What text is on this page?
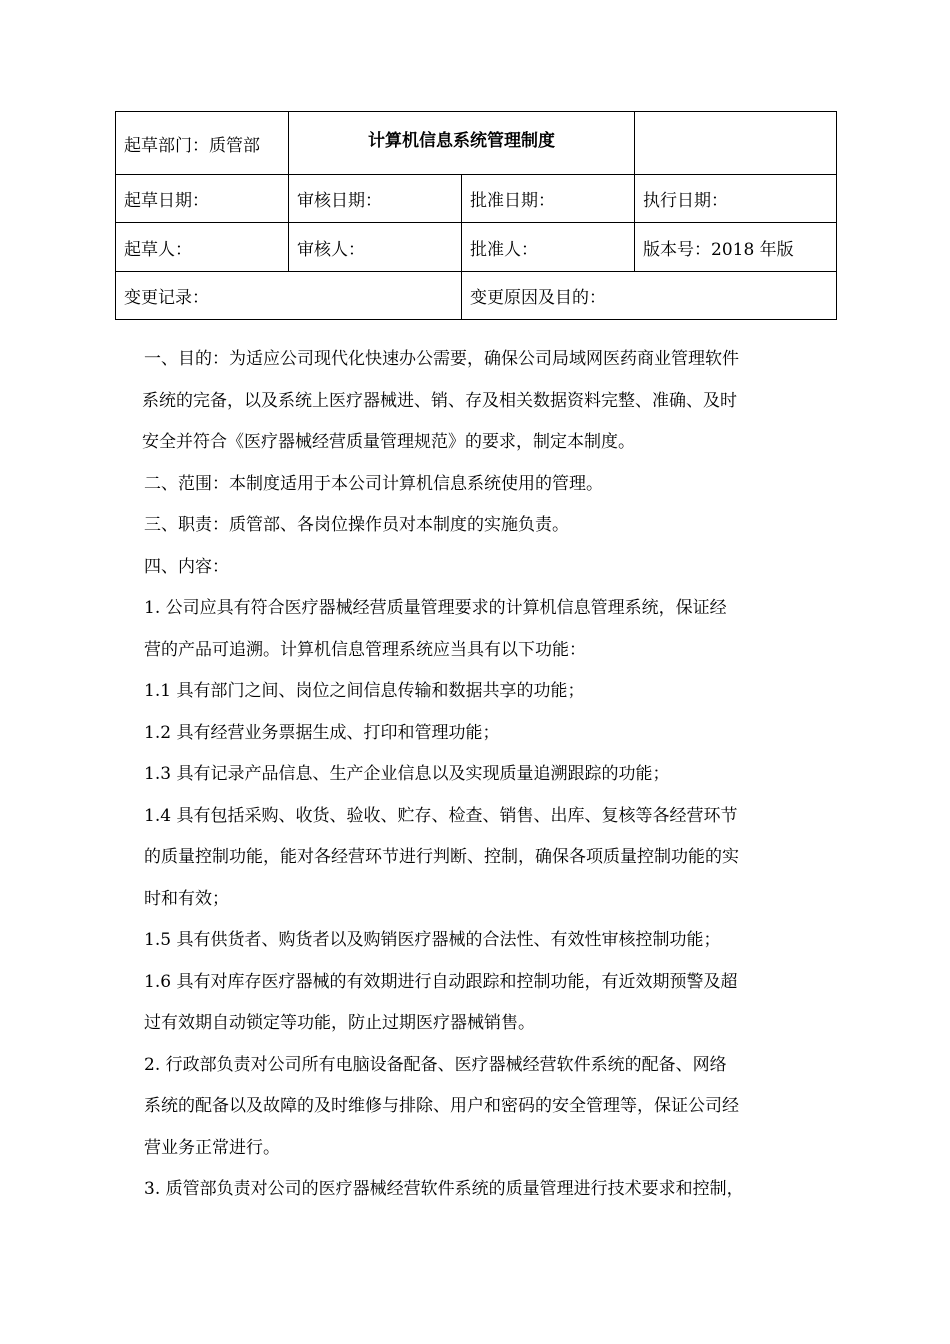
起草部门：质管部	计算机信息系统管理制度		
起草日期：	审核日期：	批准日期：	执行日期：
起草人：	审核人：	批准人：	版本号：2018 年版
变更记录：		变更原因及目的：	

一、目的：为适应公司现代化快速办公需要，确保公司局域网医药商业管理软件

系统的完备，以及系统上医疗器械进、销、存及相关数据资料完整、准确、及时

安全并符合《医疗器械经营质量管理规范》的要求，制定本制度。

二、范围：本制度适用于本公司计算机信息系统使用的管理。

三、职责：质管部、各岗位操作员对本制度的实施负责。

四、内容：

1. 公司应具有符合医疗器械经营质量管理要求的计算机信息管理系统，保证经

营的产品可追溯。计算机信息管理系统应当具有以下功能：

1.1 具有部门之间、岗位之间信息传输和数据共享的功能；

1.2 具有经营业务票据生成、打印和管理功能；

1.3 具有记录产品信息、生产企业信息以及实现质量追溯跟踪的功能；

1.4 具有包括采购、收货、验收、贮存、检查、销售、出库、复核等各经营环节

的质量控制功能，能对各经营环节进行判断、控制，确保各项质量控制功能的实

时和有效；

1.5 具有供货者、购货者以及购销医疗器械的合法性、有效性审核控制功能；

1.6 具有对库存医疗器械的有效期进行自动跟踪和控制功能，有近效期预警及超

过有效期自动锁定等功能，防止过期医疗器械销售。

2. 行政部负责对公司所有电脑设备配备、医疗器械经营软件系统的配备、网络

系统的配备以及故障的及时维修与排除、用户和密码的安全管理等，保证公司经

营业务正常进行。

3. 质管部负责对公司的医疗器械经营软件系统的质量管理进行技术要求和控制，
